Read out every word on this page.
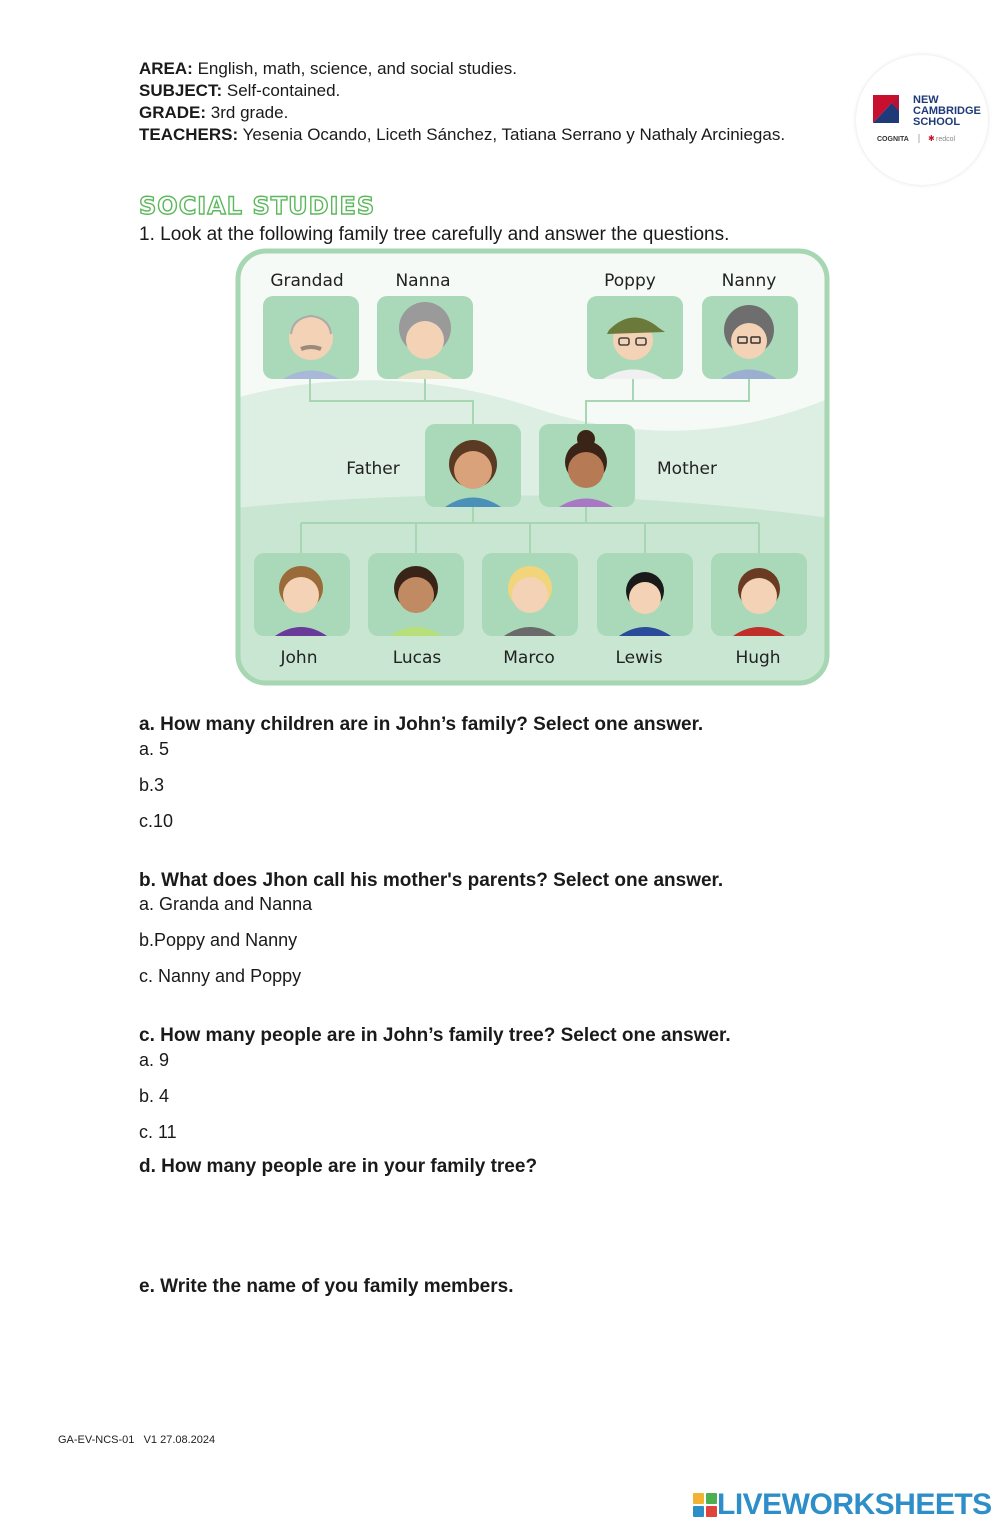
AREA: English, math, science, and social studies.
SUBJECT: Self-contained.
GRADE: 3rd grade.
TEACHERS: Yesenia Ocando, Liceth Sánchez, Tatiana Serrano y Nathaly Arciniegas.
NEW
CAMBRIDGE
SCHOOL
COGNITA ✱ redcol
SOCIAL STUDIES
1. Look at the following family tree carefully and answer the questions.
Grandad	Nanna	Poppy	Nanny
Father	Mother
John	Lucas	Marco	Lewis	Hugh
a. How many children are in John’s family? Select one answer.
a. 5
b.3
c.10
b. What does Jhon call his mother's parents? Select one answer.
a. Granda and Nanna
b.Poppy and Nanny
c. Nanny and Poppy
c. How many people are in John’s family tree? Select one answer.
a. 9
b. 4
c. 11
d. How many people are in your family tree?
e. Write the name of you family members.
GA-EV-NCS-01   V1 27.08.2024
LIVEWORKSHEETS
